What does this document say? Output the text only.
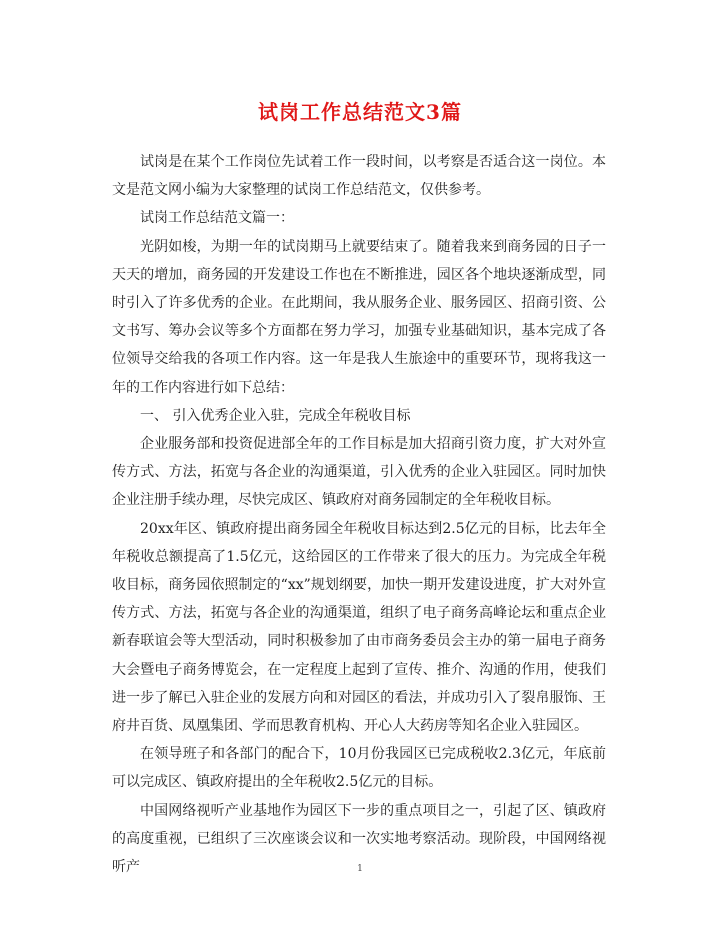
试岗工作总结范文3篇

试岗是在某个工作岗位先试着工作一段时间，以考察是否适合这一岗位。本文是范文网小编为大家整理的试岗工作总结范文，仅供参考。

试岗工作总结范文篇一：

光阴如梭，为期一年的试岗期马上就要结束了。随着我来到商务园的日子一天天的增加，商务园的开发建设工作也在不断推进，园区各个地块逐渐成型，同时引入了许多优秀的企业。在此期间，我从服务企业、服务园区、招商引资、公文书写、筹办会议等多个方面都在努力学习，加强专业基础知识，基本完成了各位领导交给我的各项工作内容。这一年是我人生旅途中的重要环节，现将我这一年的工作内容进行如下总结：

一、 引入优秀企业入驻，完成全年税收目标

企业服务部和投资促进部全年的工作目标是加大招商引资力度，扩大对外宣传方式、方法，拓宽与各企业的沟通渠道，引入优秀的企业入驻园区。同时加快企业注册手续办理，尽快完成区、镇政府对商务园制定的全年税收目标。

20xx年区、镇政府提出商务园全年税收目标达到2.5亿元的目标，比去年全年税收总额提高了1.5亿元，这给园区的工作带来了很大的压力。为完成全年税收目标，商务园依照制定的“xx”规划纲要，加快一期开发建设进度，扩大对外宣传方式、方法，拓宽与各企业的沟通渠道，组织了电子商务高峰论坛和重点企业新春联谊会等大型活动，同时积极参加了由市商务委员会主办的第一届电子商务大会暨电子商务博览会，在一定程度上起到了宣传、推介、沟通的作用，使我们进一步了解已入驻企业的发展方向和对园区的看法，并成功引入了裂帛服饰、王府井百货、凤凰集团、学而思教育机构、开心人大药房等知名企业入驻园区。

在领导班子和各部门的配合下，10月份我园区已完成税收2.3亿元，年底前可以完成区、镇政府提出的全年税收2.5亿元的目标。

中国网络视听产业基地作为园区下一步的重点项目之一，引起了区、镇政府的高度重视，已组织了三次座谈会议和一次实地考察活动。现阶段，中国网络视听产	1
